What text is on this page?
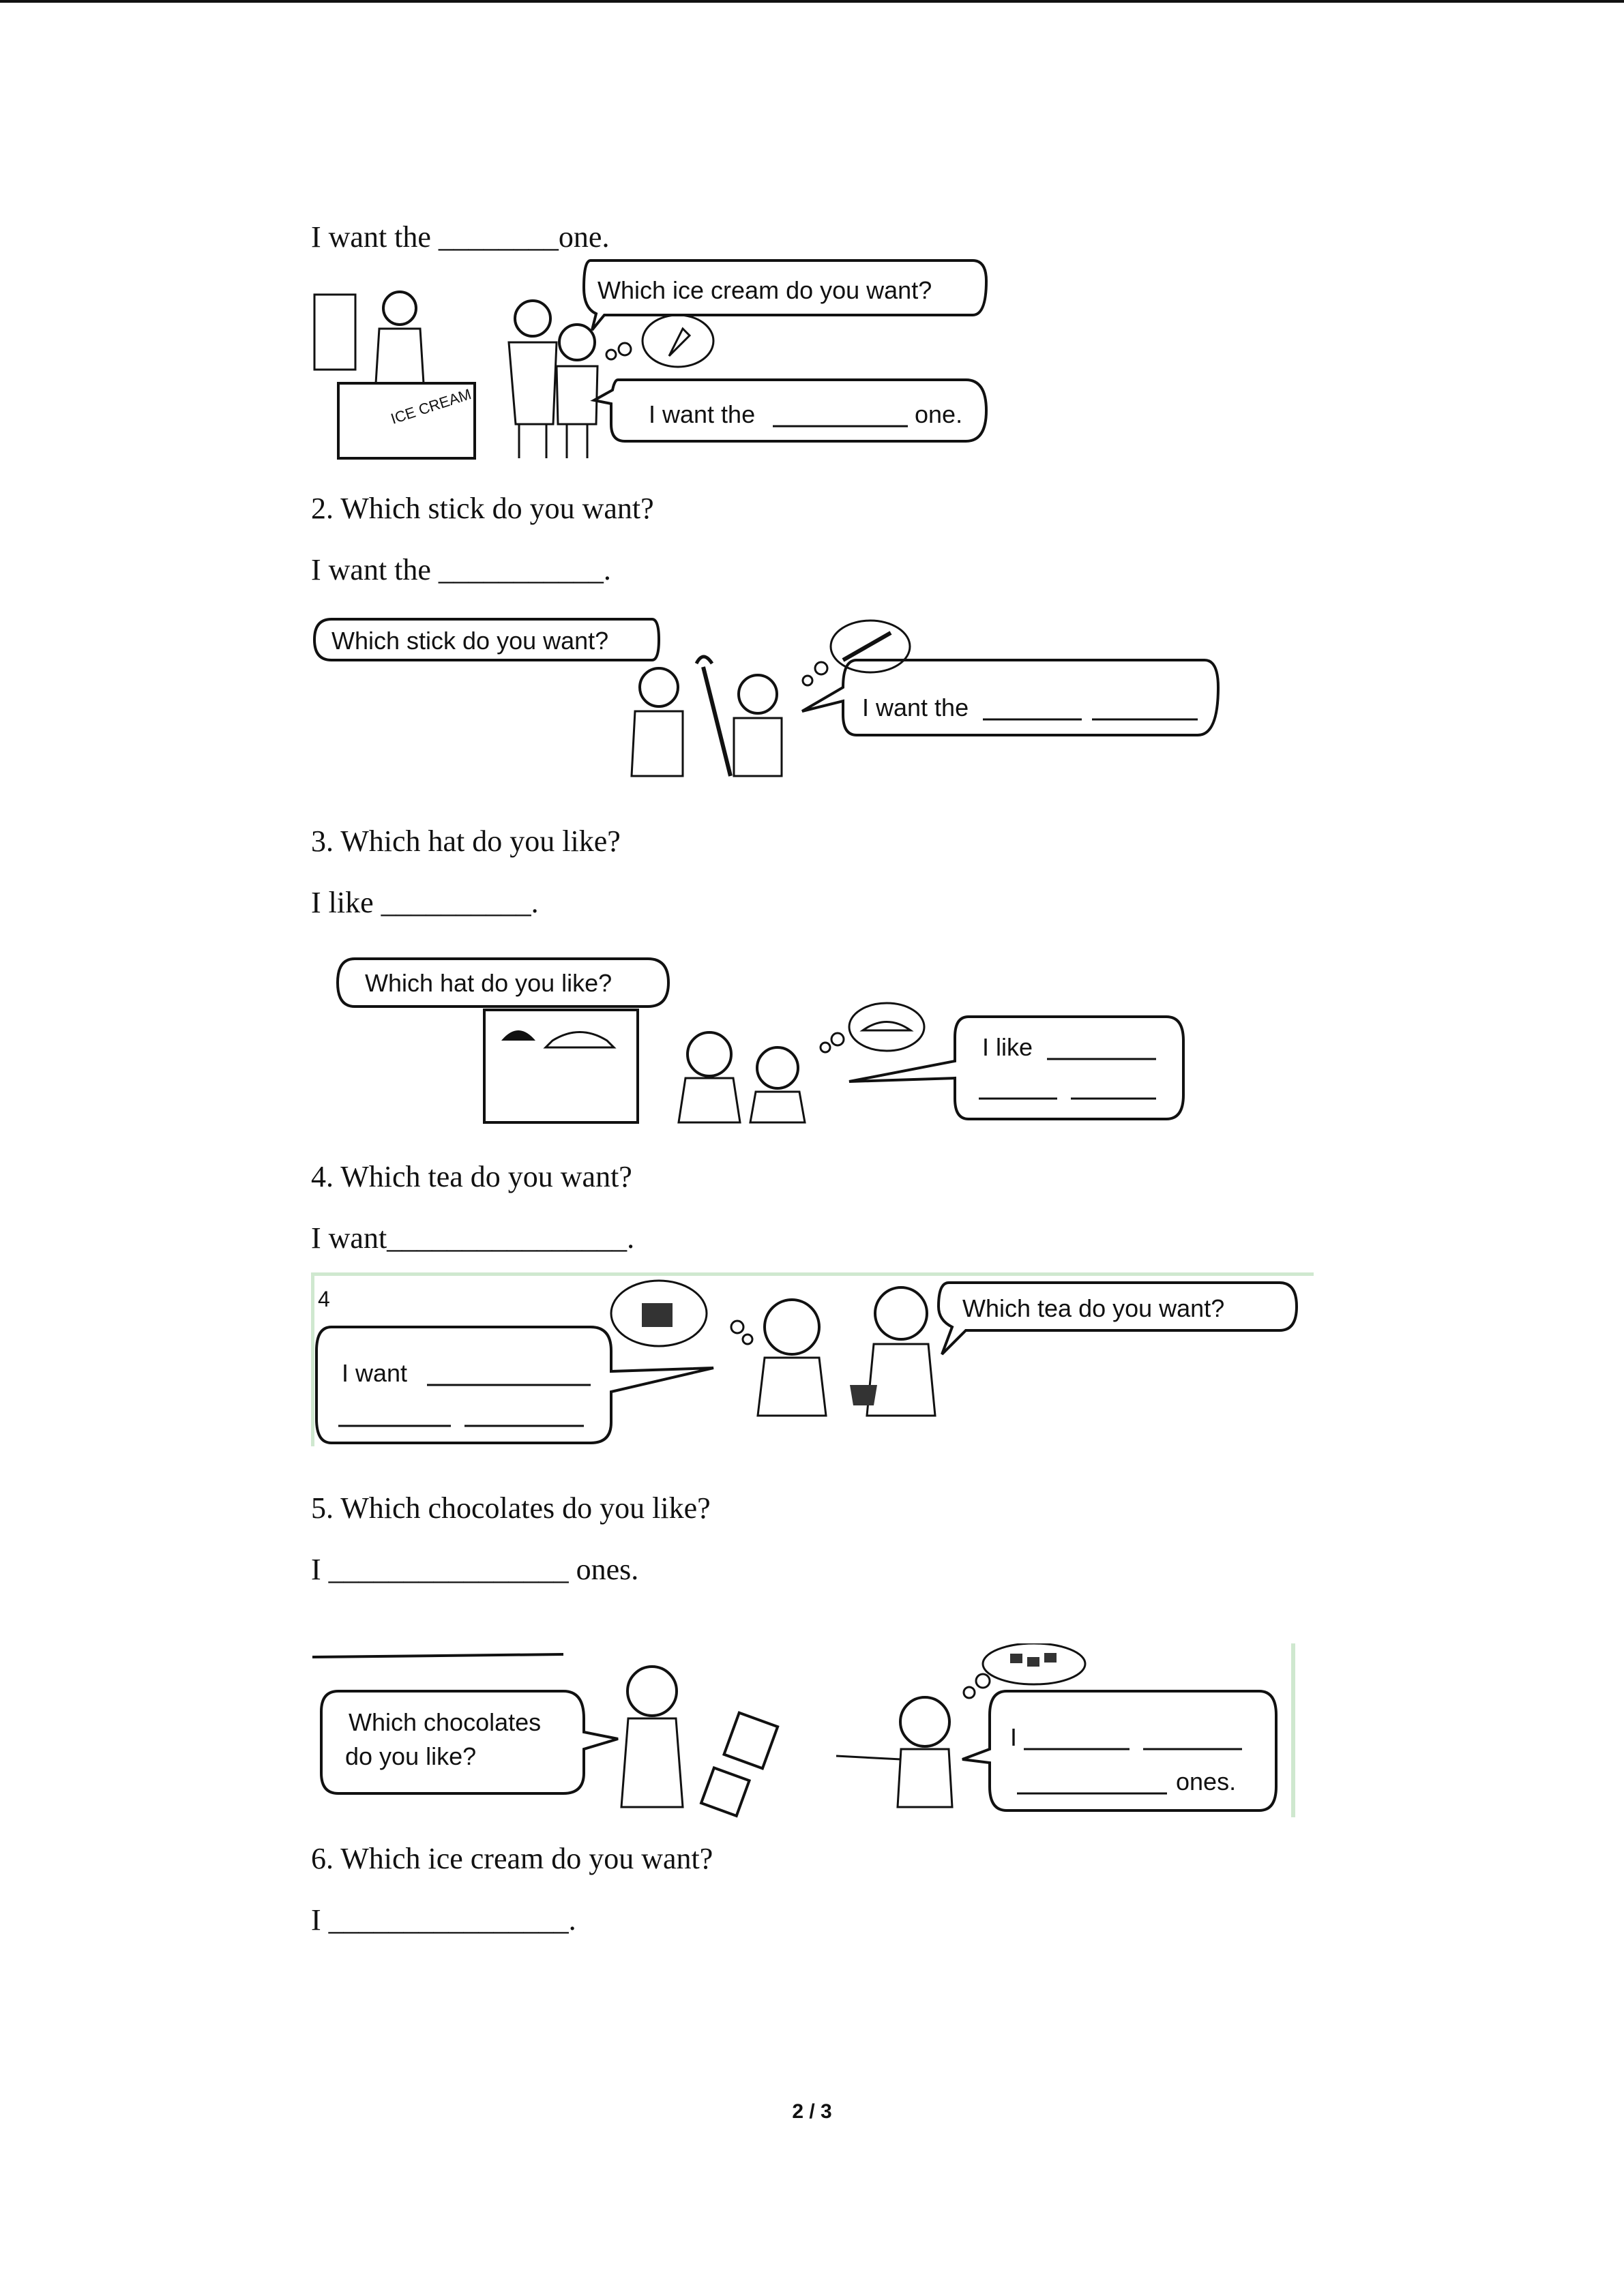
I want the ________one.
ICE CREAM
Which ice cream do you want?
I want the	one.
2. Which stick do you want?
I want the ___________.
Which stick do you want?
I want the
3. Which hat do you like?
I like __________.
Which hat do you like?
I like
4. Which tea do you want?
I want________________.
4
I want
Which tea do you want?
5. Which chocolates do you like?
I ________________ ones.
Which chocolates
do you like?
I
ones.
6. Which ice cream do you want?
I ________________.
2 / 3
